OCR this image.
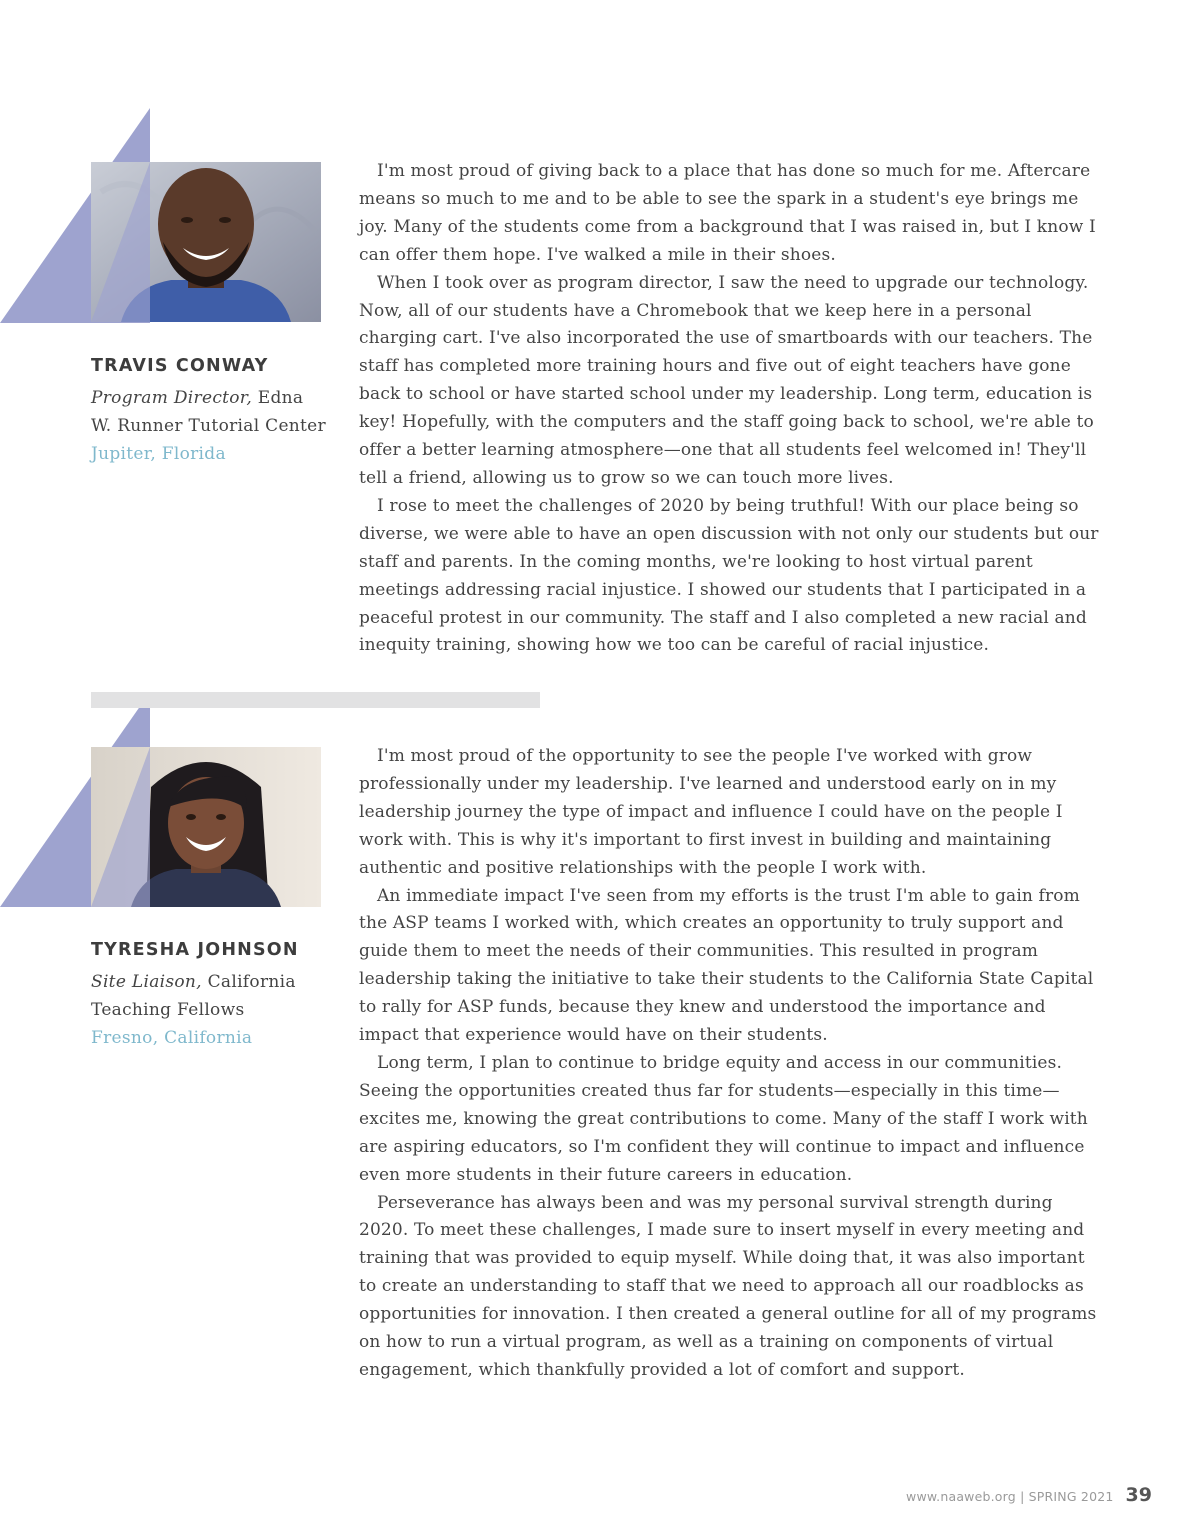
TRAVIS CONWAY
Program Director, Edna
W. Runner Tutorial Center
Jupiter, Florida

I'm most proud of giving back to a place that has done so much for me. Aftercare means so much to me and to be able to see the spark in a student's eye brings me joy. Many of the students come from a background that I was raised in, but I know I can offer them hope. I've walked a mile in their shoes.

When I took over as program director, I saw the need to upgrade our technology. Now, all of our students have a Chromebook that we keep here in a personal charging cart. I've also incorporated the use of smartboards with our teachers. The staff has completed more training hours and five out of eight teachers have gone back to school or have started school under my leadership. Long term, education is key! Hopefully, with the computers and the staff going back to school, we're able to offer a better learning atmosphere—one that all students feel welcomed in! They'll tell a friend, allowing us to grow so we can touch more lives.

I rose to meet the challenges of 2020 by being truthful! With our place being so diverse, we were able to have an open discussion with not only our students but our staff and parents. In the coming months, we're looking to host virtual parent meetings addressing racial injustice. I showed our students that I participated in a peaceful protest in our community. The staff and I also completed a new racial and inequity training, showing how we too can be careful of racial injustice.

TYRESHA JOHNSON
Site Liaison, California
Teaching Fellows
Fresno, California

I'm most proud of the opportunity to see the people I've worked with grow professionally under my leadership. I've learned and understood early on in my leadership journey the type of impact and influence I could have on the people I work with. This is why it's important to first invest in building and maintaining authentic and positive relationships with the people I work with.

An immediate impact I've seen from my efforts is the trust I'm able to gain from the ASP teams I worked with, which creates an opportunity to truly support and guide them to meet the needs of their communities. This resulted in program leadership taking the initiative to take their students to the California State Capital to rally for ASP funds, because they knew and understood the importance and impact that experience would have on their students.

Long term, I plan to continue to bridge equity and access in our communities. Seeing the opportunities created thus far for students—especially in this time—excites me, knowing the great contributions to come. Many of the staff I work with are aspiring educators, so I'm confident they will continue to impact and influence even more students in their future careers in education.

Perseverance has always been and was my personal survival strength during 2020. To meet these challenges, I made sure to insert myself in every meeting and training that was provided to equip myself. While doing that, it was also important to create an understanding to staff that we need to approach all our roadblocks as opportunities for innovation. I then created a general outline for all of my programs on how to run a virtual program, as well as a training on components of virtual engagement, which thankfully provided a lot of comfort and support.

www.naaweb.org | SPRING 2021 39
